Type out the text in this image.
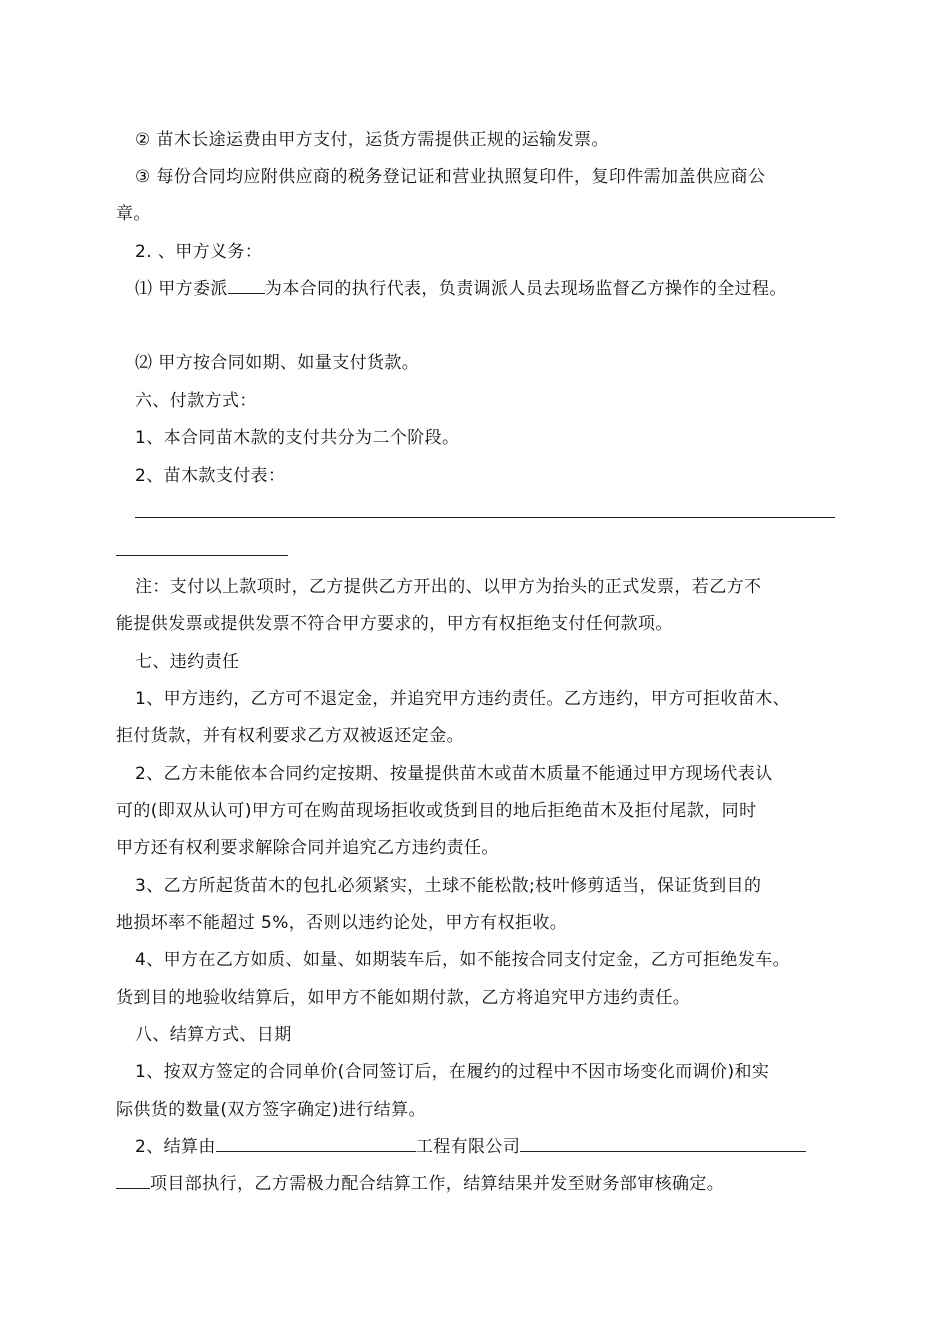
② 苗木长途运费由甲方支付，运货方需提供正规的运输发票。
③ 每份合同均应附供应商的税务登记证和营业执照复印件，复印件需加盖供应商公
章。
2. 、甲方义务：
⑴ 甲方委派 为本合同的执行代表，负责调派人员去现场监督乙方操作的全过程。
⑵ 甲方按合同如期、如量支付货款。
六、付款方式：
1、本合同苗木款的支付共分为二个阶段。
2、苗木款支付表：
注：支付以上款项时，乙方提供乙方开出的、以甲方为抬头的正式发票，若乙方不
能提供发票或提供发票不符合甲方要求的，甲方有权拒绝支付任何款项。
七、违约责任
1、甲方违约，乙方可不退定金，并追究甲方违约责任。乙方违约，甲方可拒收苗木、
拒付货款，并有权利要求乙方双被返还定金。
2、乙方未能依本合同约定按期、按量提供苗木或苗木质量不能通过甲方现场代表认
可的(即双从认可)甲方可在购苗现场拒收或货到目的地后拒绝苗木及拒付尾款，同时
甲方还有权利要求解除合同并追究乙方违约责任。
3、乙方所起货苗木的包扎必须紧实，土球不能松散;枝叶修剪适当，保证货到目的
地损坏率不能超过 5%，否则以违约论处，甲方有权拒收。
4、甲方在乙方如质、如量、如期装车后，如不能按合同支付定金，乙方可拒绝发车。
货到目的地验收结算后，如甲方不能如期付款，乙方将追究甲方违约责任。
八、结算方式、日期
1、按双方签定的合同单价(合同签订后，在履约的过程中不因市场变化而调价)和实
际供货的数量(双方签字确定)进行结算。
2、结算由	工程有限公司
项目部执行，乙方需极力配合结算工作，结算结果并发至财务部审核确定。
